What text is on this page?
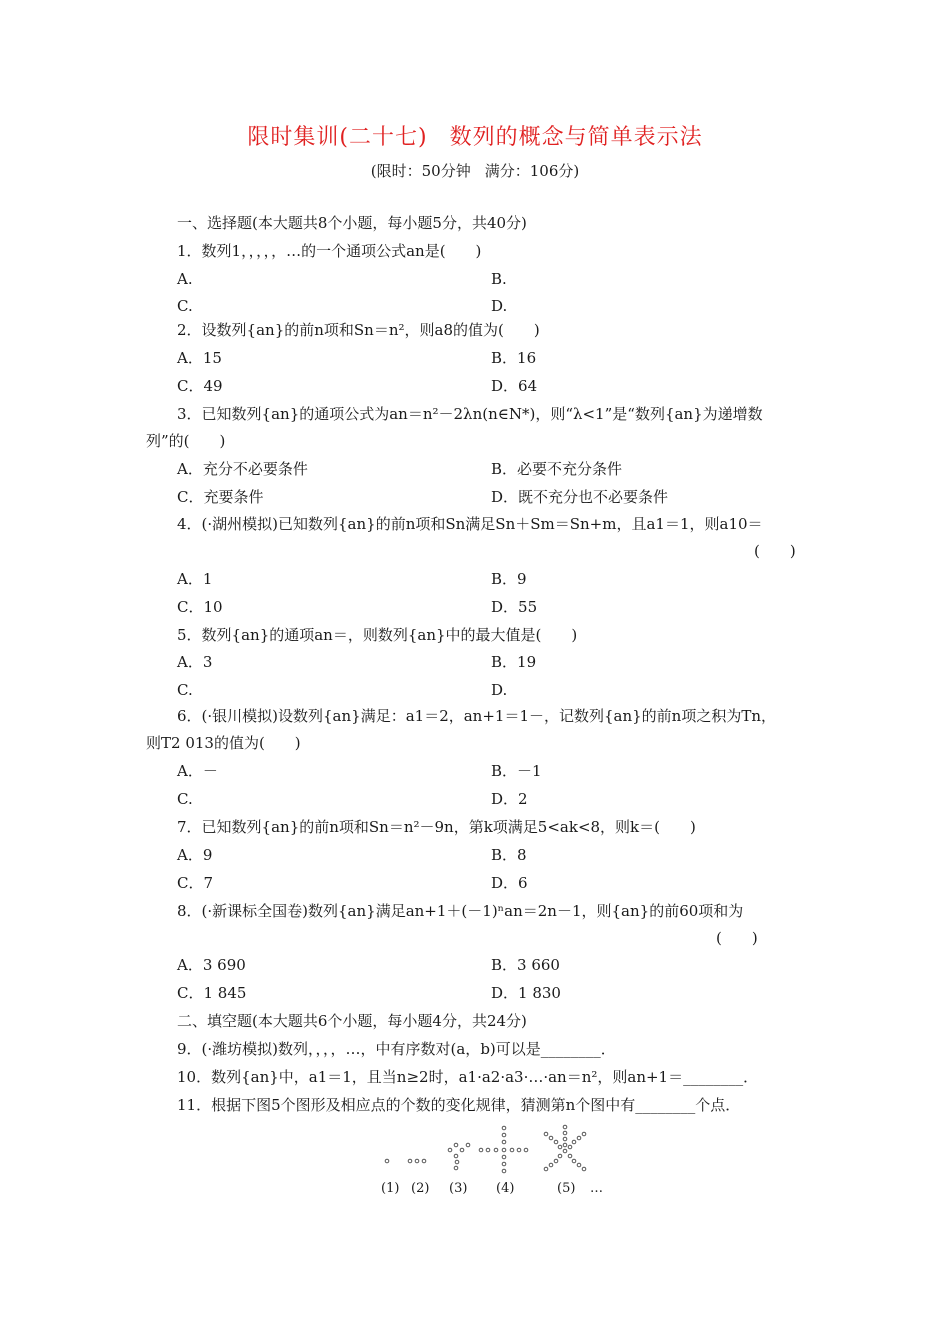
限时集训(二十七) 数列的概念与简单表示法
(限时：50分钟 满分：106分)
一、选择题(本大题共8个小题，每小题5分，共40分)
1．数列1，，，，，…的一个通项公式an是(　　)
A.	B.
C.	D.
2．设数列{an}的前n项和Sn＝n²，则a8的值为(　　)
A．15	B．16
C．49	D．64
3．已知数列{an}的通项公式为an＝n²－2λn(n∈N*)，则“λ<1”是“数列{an}为递增数
列”的(　　)
A．充分不必要条件	B．必要不充分条件
C．充要条件	D．既不充分也不必要条件
4．(·湖州模拟)已知数列{an}的前n项和Sn满足Sn＋Sm＝Sn+m，且a1＝1，则a10＝
(　　)
A．1	B．9
C．10	D．55
5．数列{an}的通项an＝，则数列{an}中的最大值是(　　)
A．3	B．19
C.	D.
6．(·银川模拟)设数列{an}满足：a1＝2，an+1＝1－，记数列{an}的前n项之积为Tn，
则T2 013的值为(　　)
A．－	B．－1
C.	D．2
7．已知数列{an}的前n项和Sn＝n²－9n，第k项满足5<ak<8，则k＝(　　)
A．9	B．8
C．7	D．6
8．(·新课标全国卷)数列{an}满足an+1＋(－1)ⁿan＝2n－1，则{an}的前60项和为
(　　)
A．3 690	B．3 660
C．1 845	D．1 830
二、填空题(本大题共6个小题，每小题4分，共24分)
9．(·潍坊模拟)数列，，，，…，中有序数对(a，b)可以是________．
10．数列{an}中，a1＝1，且当n≥2时，a1·a2·a3·…·an＝n²，则an+1＝________．
11．根据下图5个图形及相应点的个数的变化规律，猜测第n个图中有________个点．
(1) (2) (3) (4)	(5) …
